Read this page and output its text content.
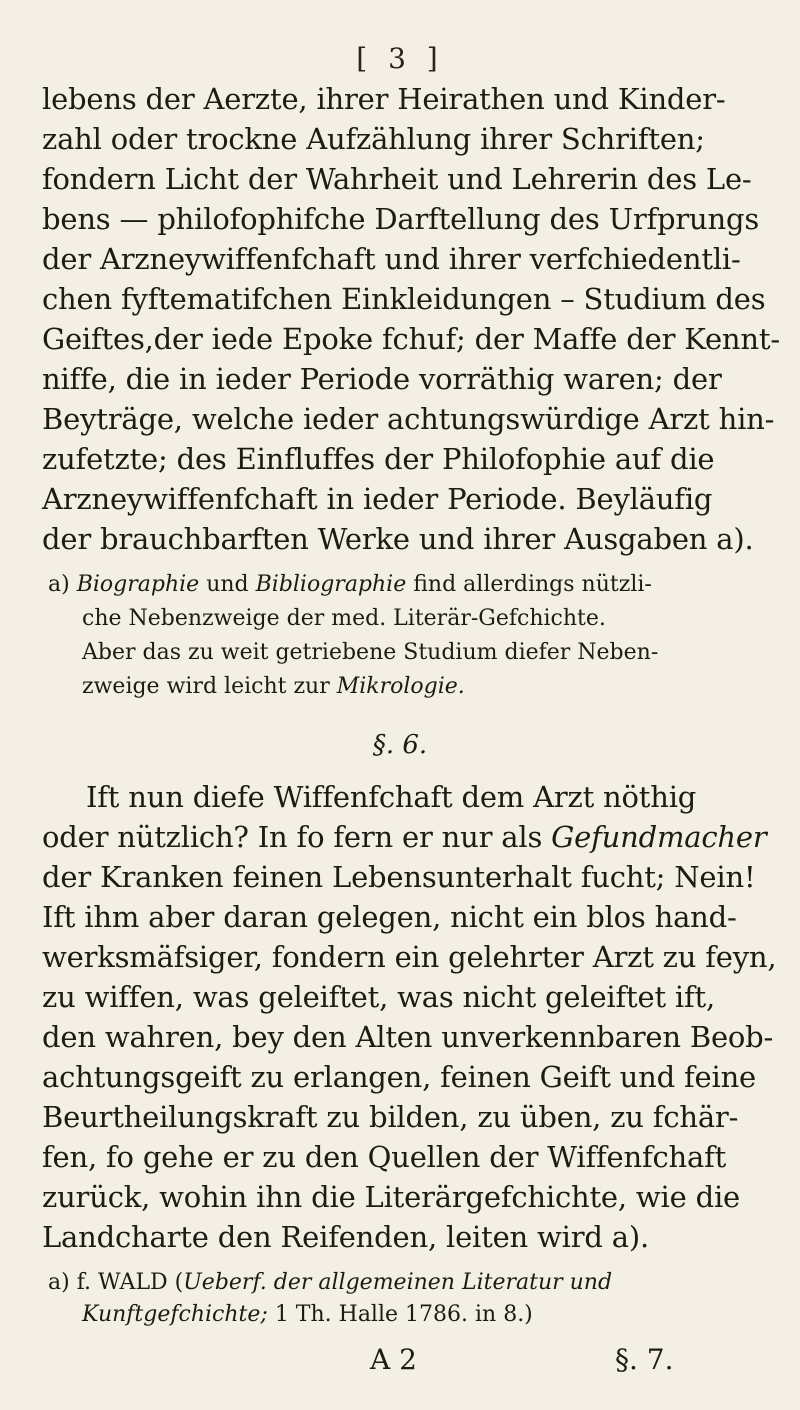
[ 3 ]
lebens der Aerzte, ihrer Heirathen und Kinder-
zahl oder trockne Aufzählung ihrer Schriften;
fondern Licht der Wahrheit und Lehrerin des Le-
bens — philofophifche Darftellung des Urfprungs
der Arzneywiffenfchaft und ihrer verfchiedentli-
chen fyftematifchen Einkleidungen – Studium des
Geiftes,der iede Epoke fchuf; der Maffe der Kennt-
niffe, die in ieder Periode vorräthig waren; der
Beyträge, welche ieder achtungswürdige Arzt hin-
zufetzte; des Einfluffes der Philofophie auf die
Arzneywiffenfchaft in ieder Periode. Beyläufig
der brauchbarften Werke und ihrer Ausgaben a).
a) Biographie und Bibliographie find allerdings nützli-
che Nebenzweige der med. Literär-Gefchichte.
Aber das zu weit getriebene Studium diefer Neben-
zweige wird leicht zur Mikrologie.
§. 6.
Ift nun diefe Wiffenfchaft dem Arzt nöthig
oder nützlich? In fo fern er nur als Gefundmacher
der Kranken feinen Lebensunterhalt fucht; Nein!
Ift ihm aber daran gelegen, nicht ein blos hand-
werksmäfsiger, fondern ein gelehrter Arzt zu feyn,
zu wiffen, was geleiftet, was nicht geleiftet ift,
den wahren, bey den Alten unverkennbaren Beob-
achtungsgeift zu erlangen, feinen Geift und feine
Beurtheilungskraft zu bilden, zu üben, zu fchär-
fen, fo gehe er zu den Quellen der Wiffenfchaft
zurück, wohin ihn die Literärgefchichte, wie die
Landcharte den Reifenden, leiten wird a).
a) f. WALD (Ueberf. der allgemeinen Literatur und
Kunftgefchichte; 1 Th. Halle 1786. in 8.)
A 2	§. 7.
